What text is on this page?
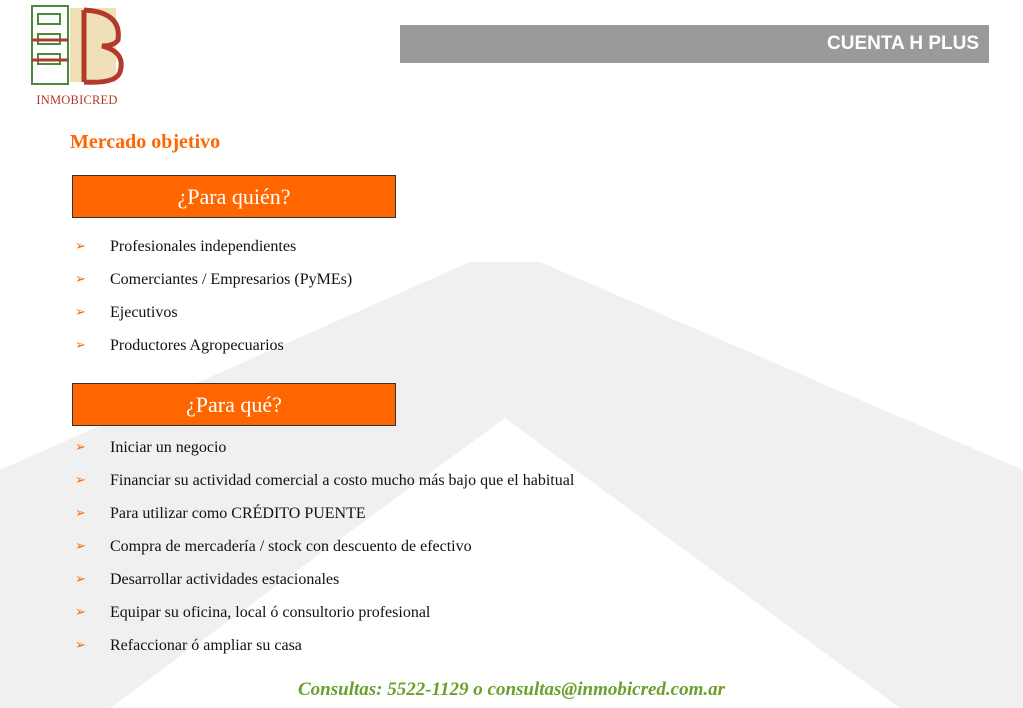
INMOBICRED
CUENTA H PLUS
Mercado objetivo
¿Para quién?
➢ Profesionales independientes
➢ Comerciantes / Empresarios (PyMEs)
➢ Ejecutivos
➢ Productores Agropecuarios
¿Para qué?
➢ Iniciar un negocio
➢ Financiar su actividad comercial a costo mucho más bajo que el habitual
➢ Para utilizar como CRÉDITO PUENTE
➢ Compra de mercadería / stock con descuento de efectivo
➢ Desarrollar actividades estacionales
➢ Equipar su oficina, local ó consultorio profesional
➢ Refaccionar ó ampliar su casa
Consultas: 5522-1129 o consultas@inmobicred.com.ar
